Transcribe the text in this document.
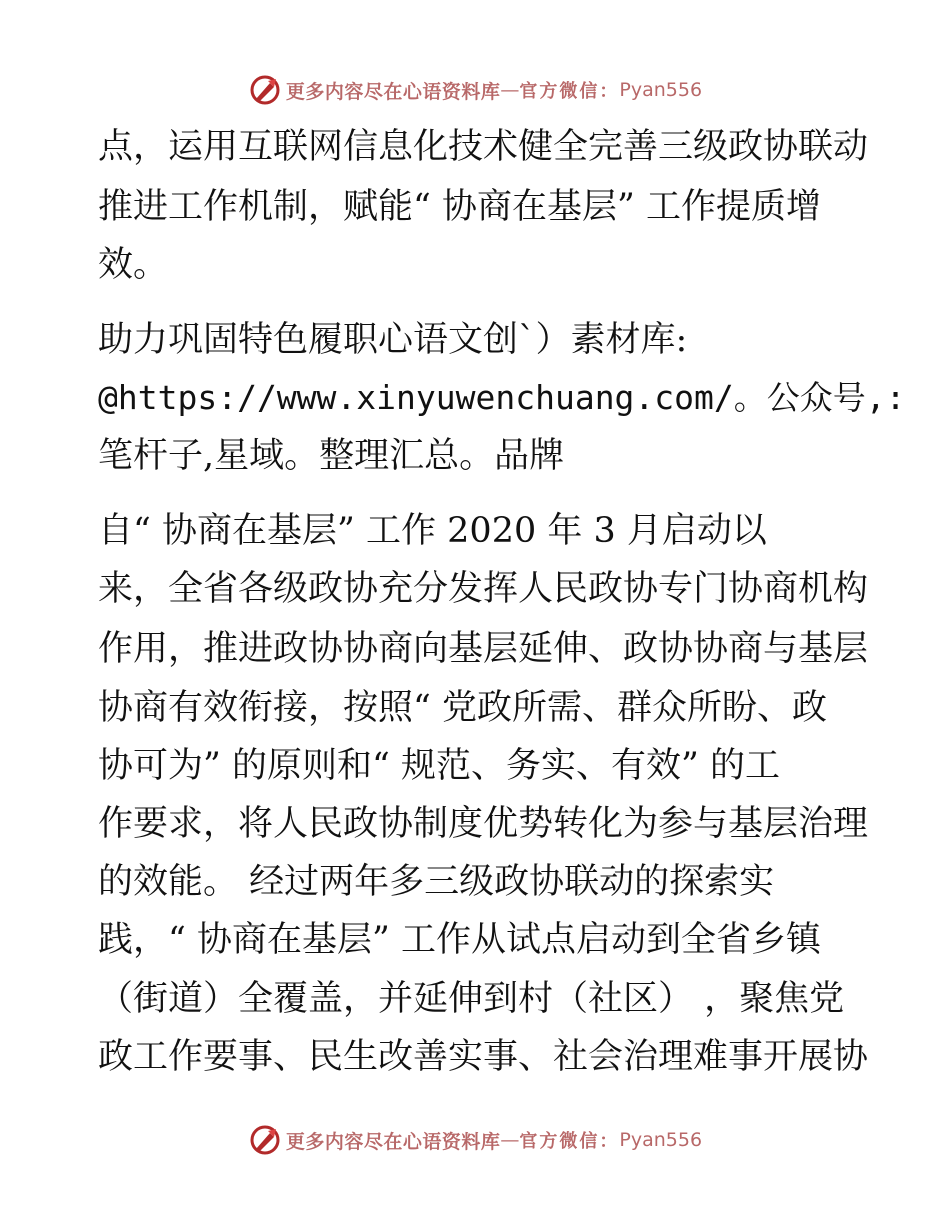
更多内容尽在心语资料库 — 官方微信： Pyan556
点，运用互联网信息化技术健全完善三级政协联动
推进工作机制，赋能“ 协商在基层” 工作提质增
效。
助力巩固特色履职心语文创`）素材库:
@https://www.xinyuwenchuang.com/。公众号,:
笔杆子,星域。整理汇总。品牌
自“ 协商在基层” 工作 2020 年 3 月启动以
来，全省各级政协充分发挥人民政协专门协商机构
作用，推进政协协商向基层延伸、政协协商与基层
协商有效衔接，按照“ 党政所需、群众所盼、政
协可为” 的原则和“ 规范、务实、有效” 的工
作要求，将人民政协制度优势转化为参与基层治理
的效能。 经过两年多三级政协联动的探索实
践，“ 协商在基层” 工作从试点启动到全省乡镇
（街道）全覆盖，并延伸到村（社区） ，聚焦党
政工作要事、民生改善实事、社会治理难事开展协
更多内容尽在心语资料库 — 官方微信： Pyan556
